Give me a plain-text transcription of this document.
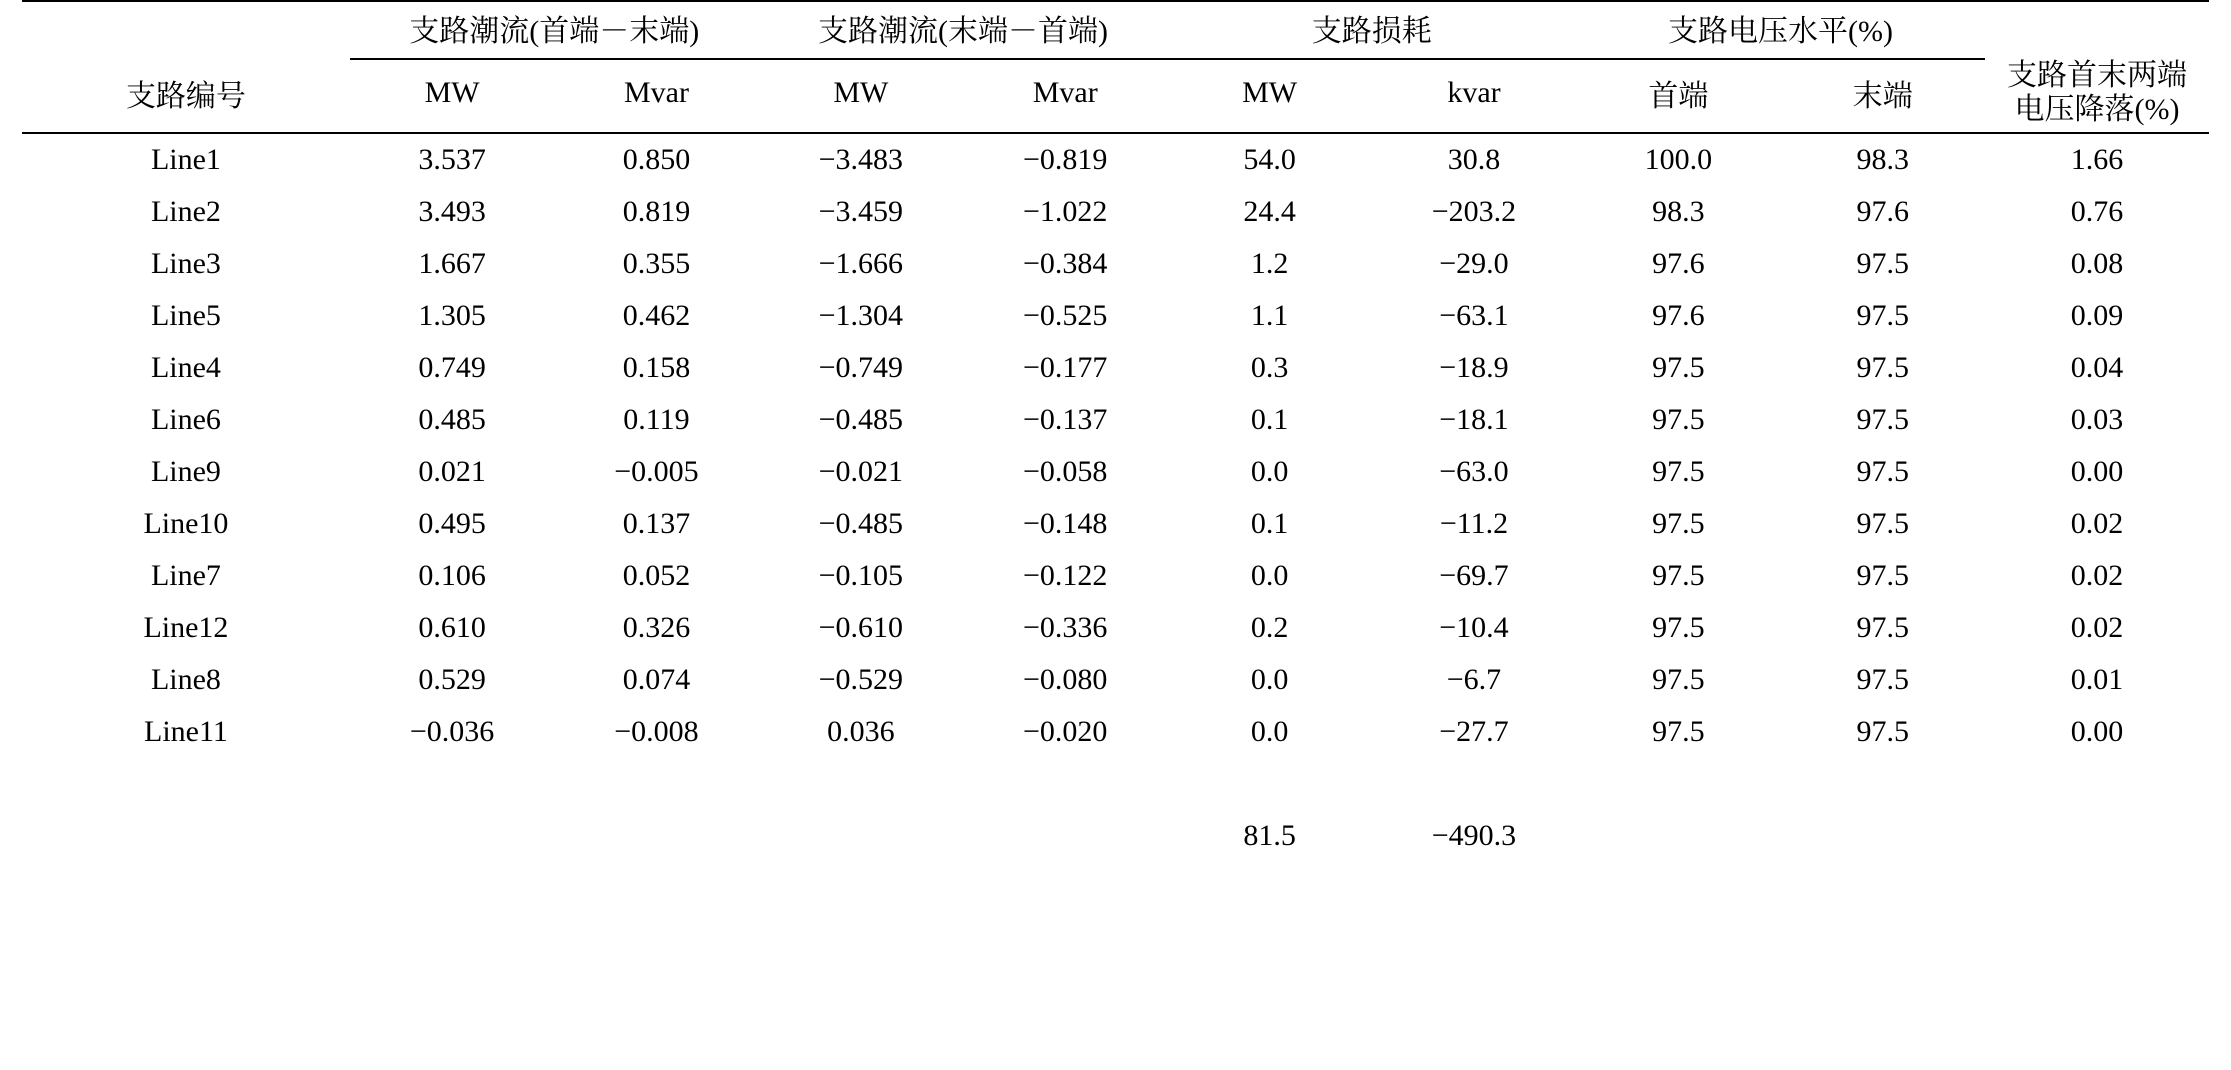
	支路潮流(首端－末端)		支路潮流(末端－首端)		支路损耗		支路电压水平(%)		
支路编号	MW	Mvar	MW	Mvar	MW	kvar	首端	末端	支路首末两端
电压降落(%)

Line1	3.537	0.850	−3.483	−0.819	54.0	30.8	100.0	98.3	1.66
Line2	3.493	0.819	−3.459	−1.022	24.4	−203.2	98.3	97.6	0.76
Line3	1.667	0.355	−1.666	−0.384	1.2	−29.0	97.6	97.5	0.08
Line5	1.305	0.462	−1.304	−0.525	1.1	−63.1	97.6	97.5	0.09
Line4	0.749	0.158	−0.749	−0.177	0.3	−18.9	97.5	97.5	0.04
Line6	0.485	0.119	−0.485	−0.137	0.1	−18.1	97.5	97.5	0.03
Line9	0.021	−0.005	−0.021	−0.058	0.0	−63.0	97.5	97.5	0.00
Line10	0.495	0.137	−0.485	−0.148	0.1	−11.2	97.5	97.5	0.02
Line7	0.106	0.052	−0.105	−0.122	0.0	−69.7	97.5	97.5	0.02
Line12	0.610	0.326	−0.610	−0.336	0.2	−10.4	97.5	97.5	0.02
Line8	0.529	0.074	−0.529	−0.080	0.0	−6.7	97.5	97.5	0.01
Line11	−0.036	−0.008	0.036	−0.020	0.0	−27.7	97.5	97.5	0.00

					81.5	−490.3			
